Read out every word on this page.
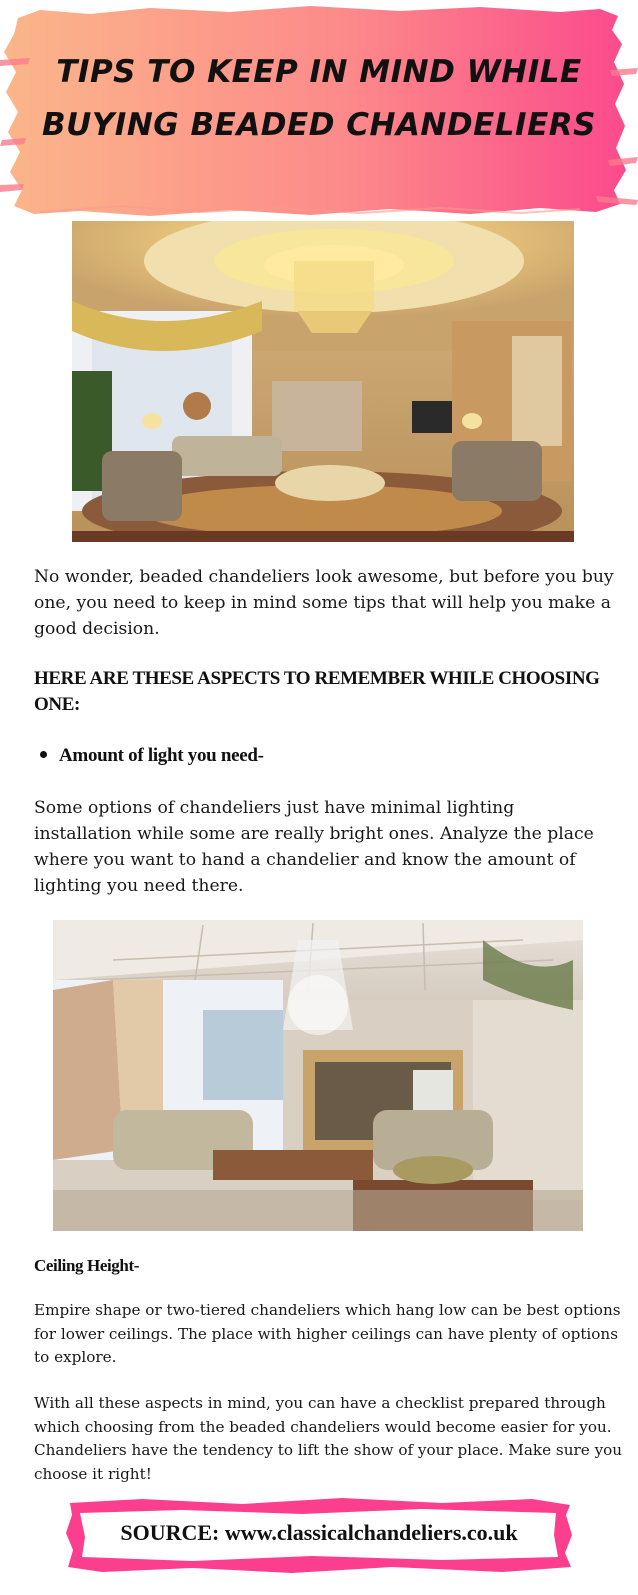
TIPS TO KEEP IN MIND WHILE BUYING BEADED CHANDELIERS
No wonder, beaded chandeliers look awesome, but before you buy one, you need to keep in mind some tips that will help you make a good decision.
HERE ARE THESE ASPECTS TO REMEMBER WHILE CHOOSING ONE:
Amount of light you need-
Some options of chandeliers just have minimal lighting installation while some are really bright ones. Analyze the place where you want to hand a chandelier and know the amount of lighting you need there.
Ceiling Height-
Empire shape or two-tiered chandeliers which hang low can be best options for lower ceilings. The place with higher ceilings can have plenty of options to explore.
With all these aspects in mind, you can have a checklist prepared through which choosing from the beaded chandeliers would become easier for you. Chandeliers have the tendency to lift the show of your place. Make sure you choose it right!
SOURCE: www.classicalchandeliers.co.uk
